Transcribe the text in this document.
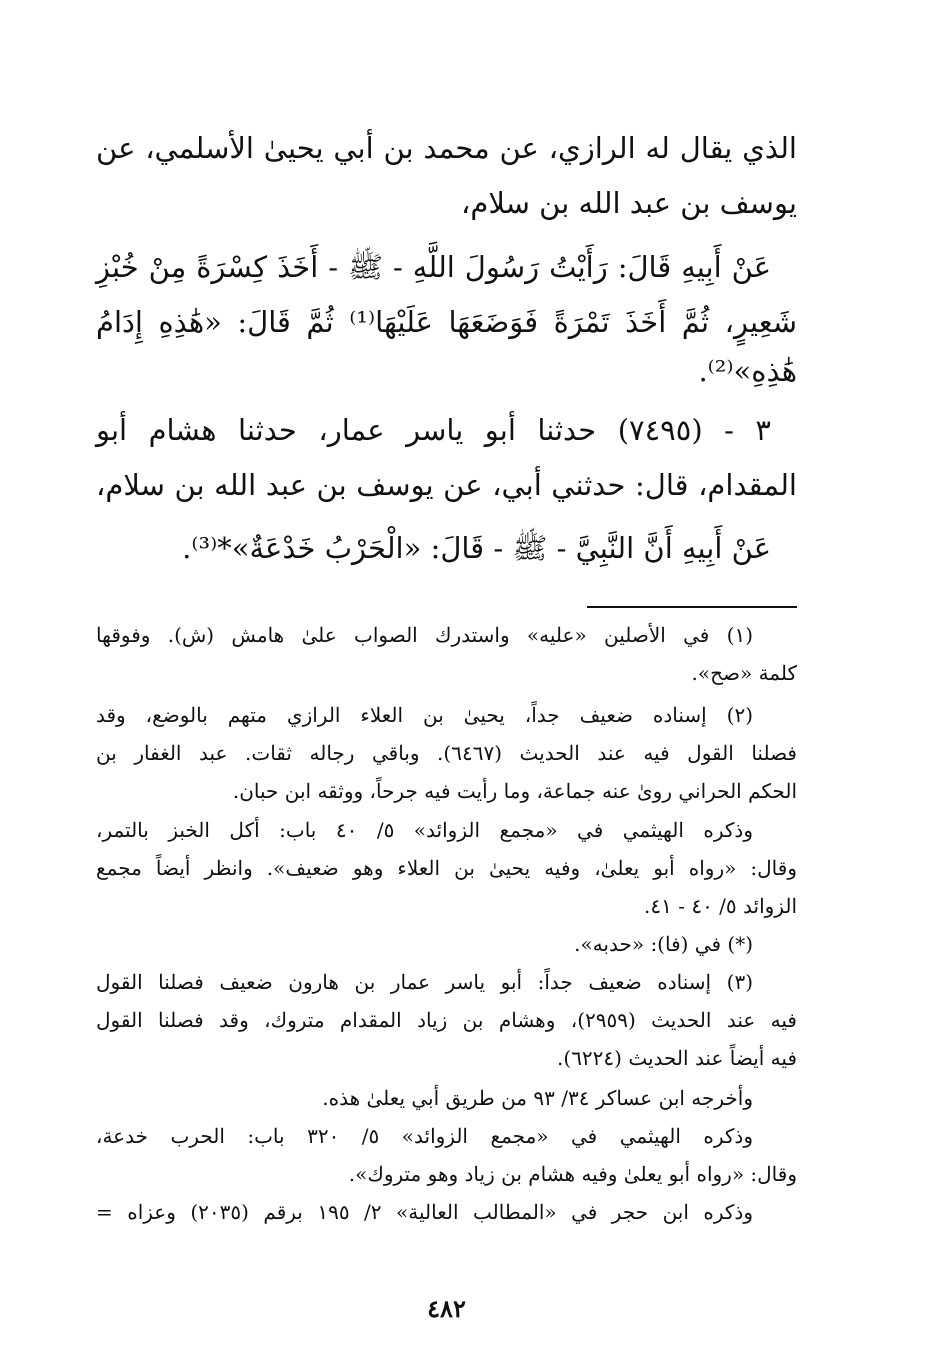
الذي يقال له الرازي، عن محمد بن أبي يحيىٰ الأسلمي، عن
يوسف بن عبد الله بن سلام،
عَنْ أَبِيهِ قَالَ: رَأَيْتُ رَسُولَ اللَّهِ - ﷺ - أَخَذَ كِسْرَةً مِنْ خُبْزِ
شَعِيرٍ، ثُمَّ أَخَذَ تَمْرَةً فَوَضَعَهَا عَلَيْهَا⁽¹⁾ ثُمَّ قَالَ: «هَٰذِهِ إِدَامُ
هَٰذِهِ»⁽²⁾.
٣ - (٧٤٩٥) حدثنا أبو ياسر عمار، حدثنا هشام أبو
المقدام، قال: حدثني أبي، عن يوسف بن عبد الله بن سلام،
عَنْ أَبِيهِ أَنَّ النَّبِيَّ - ﷺ - قَالَ: «الْحَرْبُ خَدْعَةٌ»*⁽³⁾.
(١) في الأصلين «عليه» واستدرك الصواب علىٰ هامش (ش). وفوقها
كلمة «صح».
(٢) إسناده ضعيف جداً، يحيىٰ بن العلاء الرازي متهم بالوضع، وقد
فصلنا القول فيه عند الحديث (٦٤٦٧). وباقي رجاله ثقات. عبد الغفار بن
الحكم الحراني روىٰ عنه جماعة، وما رأيت فيه جرحاً، ووثقه ابن حبان.
وذكره الهيثمي في «مجمع الزوائد» ٥/ ٤٠ باب: أكل الخبز بالتمر،
وقال: «رواه أبو يعلىٰ، وفيه يحيىٰ بن العلاء وهو ضعيف». وانظر أيضاً مجمع
الزوائد ٥/ ٤٠ - ٤١.
(*) في (فا): «حدبه».
(٣) إسناده ضعيف جداً: أبو ياسر عمار بن هارون ضعيف فصلنا القول
فيه عند الحديث (٢٩٥٩)، وهشام بن زياد المقدام متروك، وقد فصلنا القول
فيه أيضاً عند الحديث (٦٢٢٤).
وأخرجه ابن عساكر ٣٤/ ٩٣ من طريق أبي يعلىٰ هذه.
وذكره الهيثمي في «مجمع الزوائد» ٥/ ٣٢٠ باب: الحرب خدعة،
وقال: «رواه أبو يعلىٰ وفيه هشام بن زياد وهو متروك».
وذكره ابن حجر في «المطالب العالية» ٢/ ١٩٥ برقم (٢٠٣٥) وعزاه =
٤٨٢
